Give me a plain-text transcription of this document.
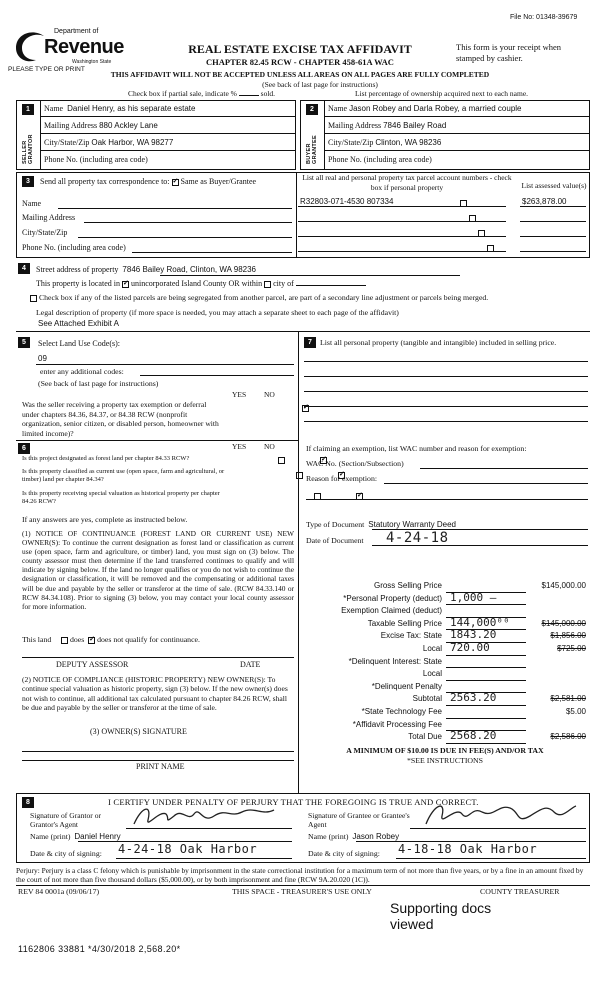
File No: 01348-39679
Department of
Revenue
Washington State
PLEASE TYPE OR PRINT
REAL ESTATE EXCISE TAX AFFIDAVIT
CHAPTER 82.45 RCW - CHAPTER 458-61A WAC
This form is your receipt when stamped by cashier.
THIS AFFIDAVIT WILL NOT BE ACCEPTED UNLESS ALL AREAS ON ALL PAGES ARE FULLY COMPLETED
(See back of last page for instructions)
Check box if partial sale, indicate %	sold.	List percentage of ownership acquired next to each name.
1
SELLER GRANTOR
Name Daniel Henry, as his separate estate
Mailing Address 880 Ackley Lane
City/State/Zip Oak Harbor, WA 98277
Phone No. (including area code)
2
BUYER GRANTEE
Name Jason Robey and Darla Robey, a married couple
Mailing Address 7846 Bailey Road
City/State/Zip Clinton, WA 98236
Phone No. (including area code)
3	Send all property tax correspondence to: ✓ Same as Buyer/Grantee
Name
Mailing Address
City/State/Zip
Phone No. (including area code)
List all real and personal property tax parcel account numbers - check box if personal property	List assessed value(s)
R32803-071-4530 807334	$263,878.00

4	Street address of property 7846 Bailey Road, Clinton, WA 98236
This property is located in ✓ unincorporated Island County OR within city of
Check box if any of the listed parcels are being segregated from another parcel, are part of a secondary line adjustment or parcels being merged.
Legal description of property (if more space is needed, you may attach a separate sheet to each page of the affidavit)
See Attached Exhibit A
5	Select Land Use Code(s):
09
enter any additional codes:
(See back of last page for instructions)
YES NO
Was the seller receiving a property tax exemption or deferral under chapters 84.36, 84.37, or 84.38 RCW (nonprofit organization, senior citizen, or disabled person, homeowner with limited income)?
✓
6	YES NO
Is this project designated as forest land per chapter 84.33 RCW?
✓
Is this property classified as current use (open space, farm and agricultural, or timber) land per chapter 84.34?
✓
Is this property receiving special valuation as historical property per chapter 84.26 RCW?
✓
If any answers are yes, complete as instructed below.
(1) NOTICE OF CONTINUANCE (FOREST LAND OR CURRENT USE) NEW OWNER(S): To continue the current designation as forest land or classification as current use (open space, farm and agriculture, or timber) land, you must sign on (3) below. The county assessor must then determine if the land transferred continues to qualify and will indicate by signing below. If the land no longer qualifies or you do not wish to continue the designation or classification, it will be removed and the compensating or additional taxes will be due and payable by the seller or transferor at the time of sale. (RCW 84.33.140 or RCW 84.34.108). Prior to signing (3) below, you may contact your local county assessor for more information.
This land does ✓ does not qualify for continuance.
DEPUTY ASSESSOR	DATE
(2) NOTICE OF COMPLIANCE (HISTORIC PROPERTY) NEW OWNER(S): To continue special valuation as historic property, sign (3) below. If the new owner(s) does not wish to continue, all additional tax calculated pursuant to chapter 84.26 RCW, shall be due and payable by the seller or transferor at the time of sale.
(3) OWNER(S) SIGNATURE
PRINT NAME
7	List all personal property (tangible and intangible) included in selling price.
If claiming an exemption, list WAC number and reason for exemption:
WAC No. (Section/Subsection)
Reason for exemption:
Type of Document Statutory Warranty Deed
Date of Document 4-24-18
Gross Selling Price	$145,000.00
*Personal Property (deduct) 1,000 —
Exemption Claimed (deduct)
Taxable Selling Price 144,000⁰⁰	$145,000.00
Excise Tax: State 1843.20	$1,856.00
Local 720.00	$725.00
*Delinquent Interest: State
Local
*Delinquent Penalty
Subtotal 2563.20	$2,581.00
*State Technology Fee	$5.00
*Affidavit Processing Fee
Total Due 2568.20	$2,586.00
A MINIMUM OF $10.00 IS DUE IN FEE(S) AND/OR TAX
*SEE INSTRUCTIONS
8	I CERTIFY UNDER PENALTY OF PERJURY THAT THE FOREGOING IS TRUE AND CORRECT.
Signature of Grantor or Grantor's Agent
Name (print) Daniel Henry
Date & city of signing: 4-24-18 Oak Harbor
Signature of Grantee or Grantee's Agent
Name (print) Jason Robey
Date & city of signing: 4-18-18 Oak Harbor
Perjury: Perjury is a class C felony which is punishable by imprisonment in the state correctional institution for a maximum term of not more than five years, or by a fine in an amount fixed by the court of not more than five thousand dollars ($5,000.00), or by both imprisonment and fine (RCW 9A.20.020 (1C)).
REV 84 0001a (09/06/17)	THIS SPACE - TREASURER'S USE ONLY	COUNTY TREASURER
Supporting docs viewed
1162806 33881 *4/30/2018 2,568.20*
